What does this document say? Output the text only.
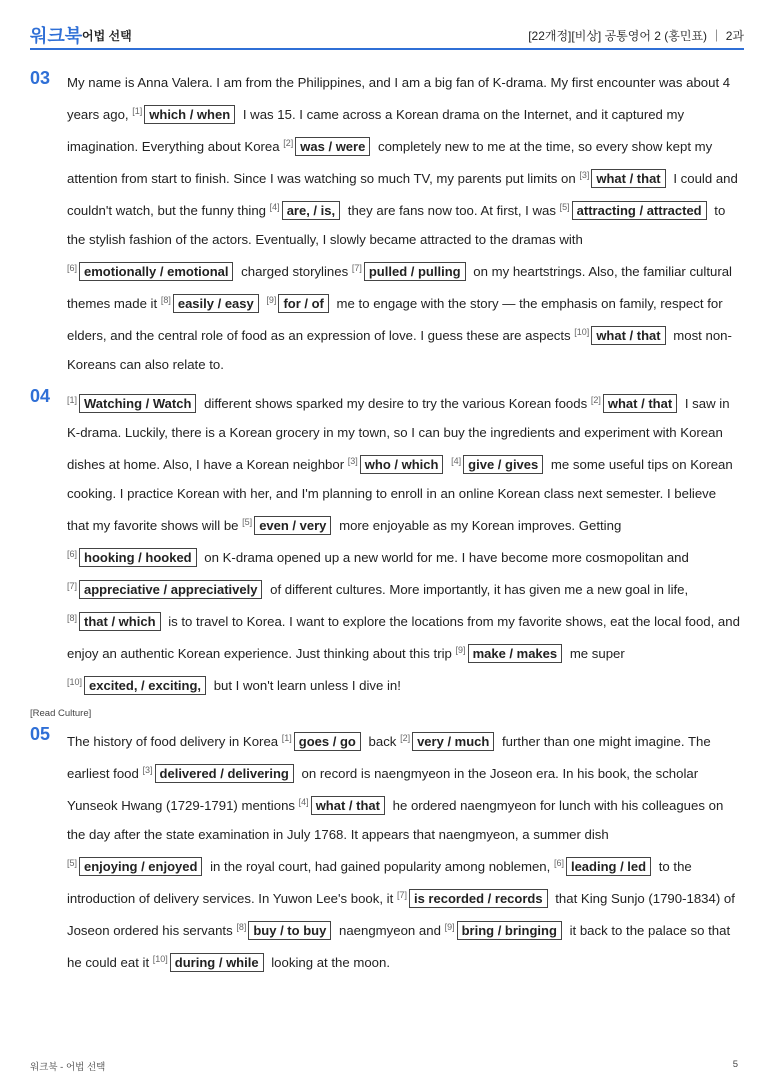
워크북 어법 선택	[22개정][비상] 공통영어 2 (홍민표) ｜ 2과
03 My name is Anna Valera. I am from the Philippines, and I am a big fan of K-drama. My first encounter was about 4 years ago, [1] which / when I was 15. I came across a Korean drama on the Internet, and it captured my imagination. Everything about Korea [2] was / were completely new to me at the time, so every show kept my attention from start to finish. Since I was watching so much TV, my parents put limits on [3] what / that I could and couldn't watch, but the funny thing [4] are, / is, they are fans now too. At first, I was [5] attracting / attracted to the stylish fashion of the actors. Eventually, I slowly became attracted to the dramas with [6] emotionally / emotional charged storylines [7] pulled / pulling on my heartstrings. Also, the familiar cultural themes made it [8] easily / easy [9] for / of me to engage with the story — the emphasis on family, respect for elders, and the central role of food as an expression of love. I guess these are aspects [10] what / that most non-Koreans can also relate to.
04 [1] Watching / Watch different shows sparked my desire to try the various Korean foods [2] what / that I saw in K-drama. Luckily, there is a Korean grocery in my town, so I can buy the ingredients and experiment with Korean dishes at home. Also, I have a Korean neighbor [3] who / which [4] give / gives me some useful tips on Korean cooking. I practice Korean with her, and I'm planning to enroll in an online Korean class next semester. I believe that my favorite shows will be [5] even / very more enjoyable as my Korean improves. Getting [6] hooking / hooked on K-drama opened up a new world for me. I have become more cosmopolitan and [7] appreciative / appreciatively of different cultures. More importantly, it has given me a new goal in life, [8] that / which is to travel to Korea. I want to explore the locations from my favorite shows, eat the local food, and enjoy an authentic Korean experience. Just thinking about this trip [9] make / makes me super [10] excited, / exciting, but I won't learn unless I dive in!
[Read Culture]
05 The history of food delivery in Korea [1] goes / go back [2] very / much further than one might imagine. The earliest food [3] delivered / delivering on record is naengmyeon in the Joseon era. In his book, the scholar Yunseok Hwang (1729-1791) mentions [4] what / that he ordered naengmyeon for lunch with his colleagues on the day after the state examination in July 1768. It appears that naengmyeon, a summer dish [5] enjoying / enjoyed in the royal court, had gained popularity among noblemen, [6] leading / led to the introduction of delivery services. In Yuwon Lee's book, it [7] is recorded / records that King Sunjo (1790-1834) of Joseon ordered his servants [8] buy / to buy naengmyeon and [9] bring / bringing it back to the palace so that he could eat it [10] during / while looking at the moon.
워크북 - 어법 선택	5
